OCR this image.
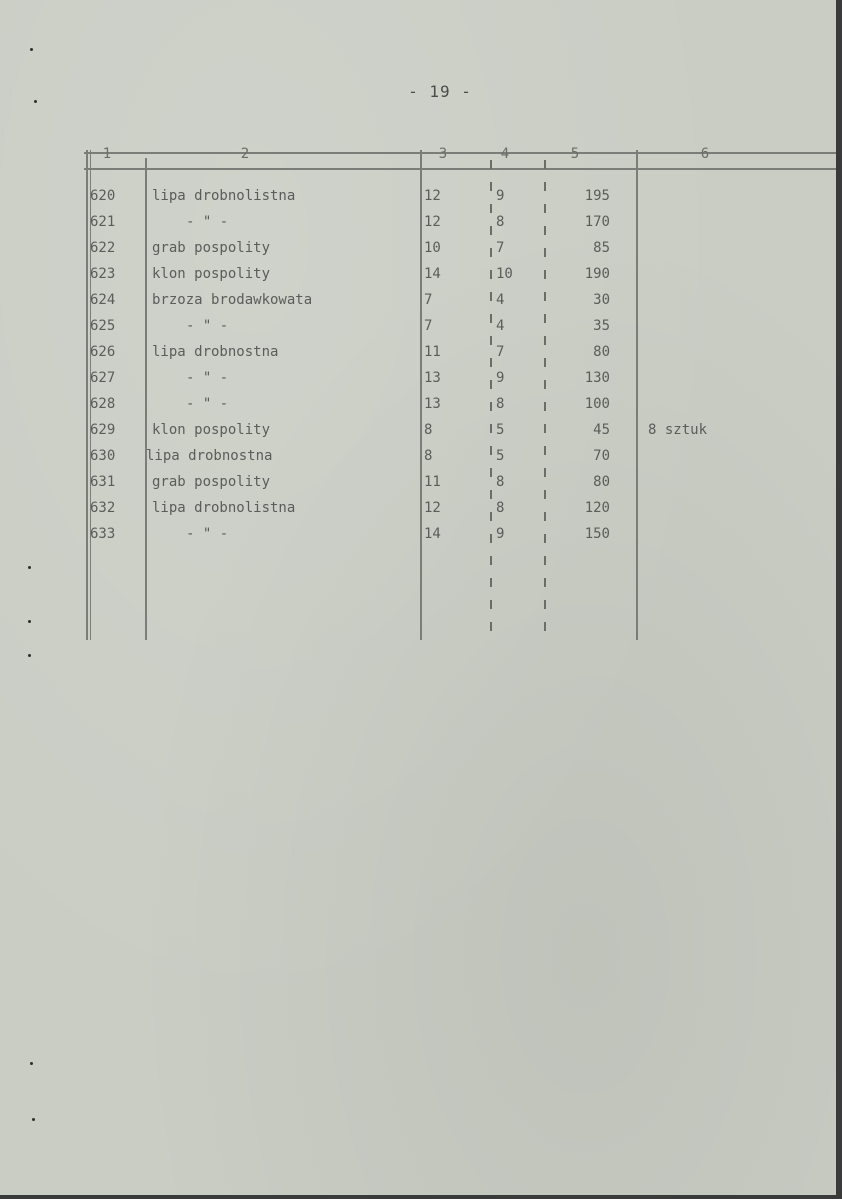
- 19 -
1	2	3	4	5	6
620	lipa drobnolistna	12	9	195
621	- " -	12	8	170
622	grab pospolity	10	7	85
623	klon pospolity	14	10	190
624	brzoza brodawkowata	7	4	30
625	- " -	7	4	35
626	lipa drobnostna	11	7	80
627	- " -	13	9	130
628	- " -	13	8	100
629	klon pospolity	8	5	45	8 sztuk
630	lipa drobnostna	8	5	70
631	grab pospolity	11	8	80
632	lipa drobnolistna	12	8	120
633	- " -	14	9	150
